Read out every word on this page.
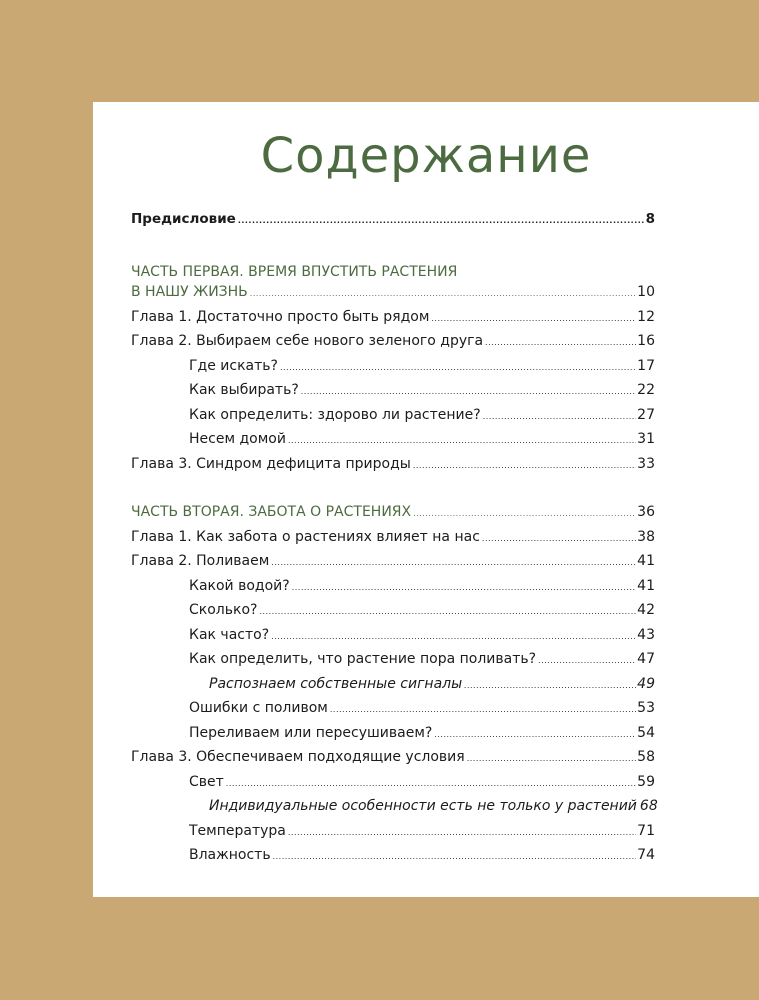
Содержание
Предисловие .....	8
ЧАСТЬ ПЕРВАЯ. ВРЕМЯ ВПУСТИТЬ РАСТЕНИЯ
В НАШУ ЖИЗНЬ .....	10
Глава 1. Достаточно просто быть рядом .....	12
Глава 2. Выбираем себе нового зеленого друга .....	16
Где искать? .....	17
Как выбирать? .....	22
Как определить: здорово ли растение? .....	27
Несем домой .....	31
Глава 3. Синдром дефицита природы .....	33
ЧАСТЬ ВТОРАЯ. ЗАБОТА О РАСТЕНИЯХ .....	36
Глава 1. Как забота о растениях влияет на нас .....	38
Глава 2. Поливаем .....	41
Какой водой? .....	41
Сколько? .....	42
Как часто? .....	43
Как определить, что растение пора поливать? .....	47
Распознаем собственные сигналы .....	49
Ошибки с поливом .....	53
Переливаем или пересушиваем? .....	54
Глава 3. Обеспечиваем подходящие условия .....	58
Свет .....	59
Индивидуальные особенности есть не только у растений 68
Температура .....	71
Влажность .....	74
